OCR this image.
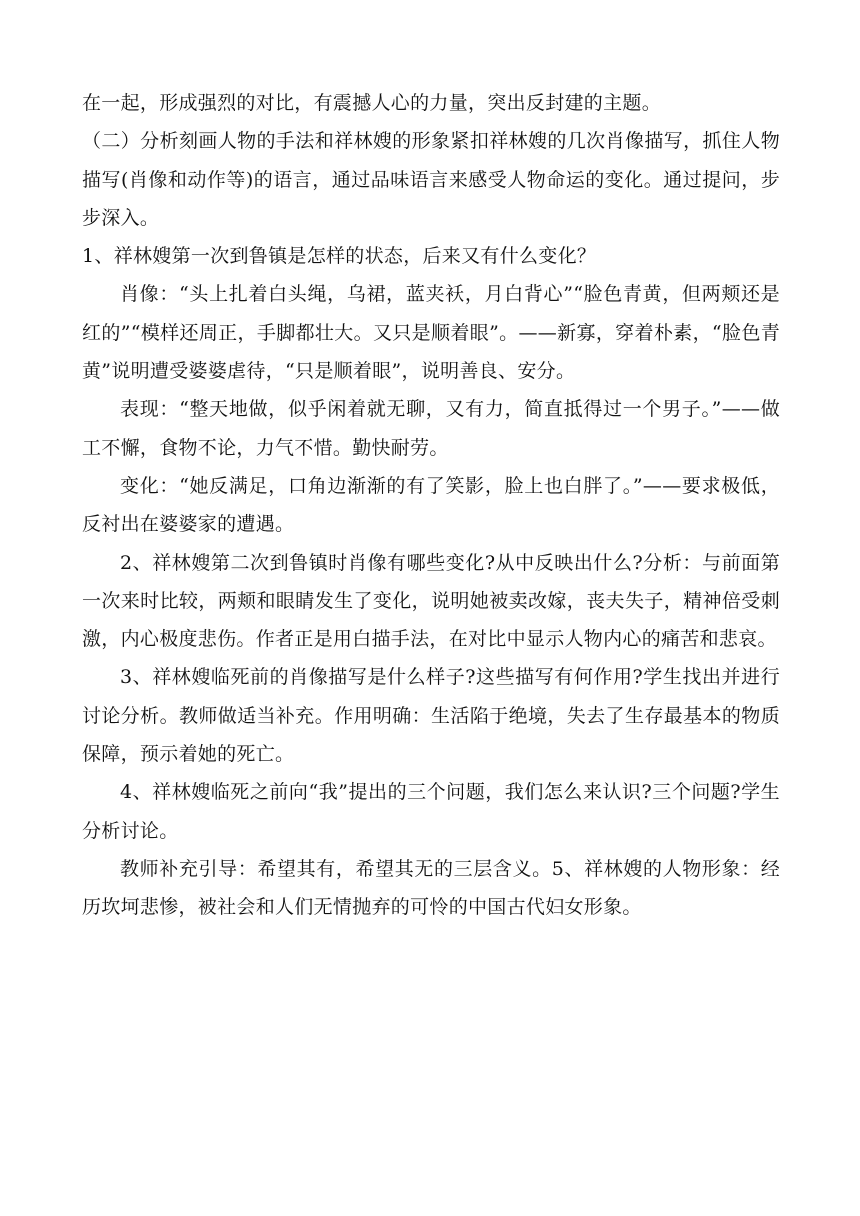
在一起，形成强烈的对比，有震撼人心的力量，突出反封建的主题。

（二）分析刻画人物的手法和祥林嫂的形象紧扣祥林嫂的几次肖像描写，抓住人物描写(肖像和动作等)的语言，通过品味语言来感受人物命运的变化。通过提问，步步深入。

1、祥林嫂第一次到鲁镇是怎样的状态，后来又有什么变化？

肖像：“头上扎着白头绳，乌裙，蓝夹袄，月白背心”“脸色青黄，但两颊还是红的”“模样还周正，手脚都壮大。又只是顺着眼”。——新寡，穿着朴素，“脸色青黄”说明遭受婆婆虐待，“只是顺着眼”，说明善良、安分。

表现：“整天地做，似乎闲着就无聊，又有力，简直抵得过一个男子。”——做工不懈，食物不论，力气不惜。勤快耐劳。

变化：“她反满足，口角边渐渐的有了笑影，脸上也白胖了。”——要求极低，反衬出在婆婆家的遭遇。

2、祥林嫂第二次到鲁镇时肖像有哪些变化?从中反映出什么?分析：与前面第一次来时比较，两颊和眼睛发生了变化，说明她被卖改嫁，丧夫失子，精神倍受刺激，内心极度悲伤。作者正是用白描手法，在对比中显示人物内心的痛苦和悲哀。

3、祥林嫂临死前的肖像描写是什么样子?这些描写有何作用?学生找出并进行讨论分析。教师做适当补充。作用明确：生活陷于绝境，失去了生存最基本的物质保障，预示着她的死亡。

4、祥林嫂临死之前向“我”提出的三个问题，我们怎么来认识?三个问题?学生分析讨论。

教师补充引导：希望其有，希望其无的三层含义。5、祥林嫂的人物形象：经历坎坷悲惨，被社会和人们无情抛弃的可怜的中国古代妇女形象。
